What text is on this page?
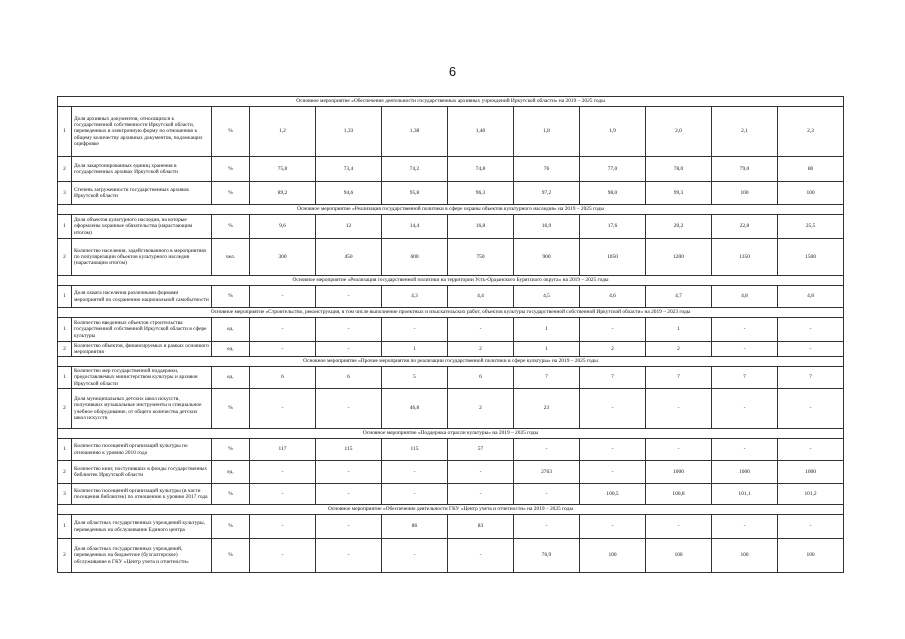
6
Основное мероприятие «Обеспечение деятельности государственных архивных учреждений Иркутской области» на 2019 – 2025 годы											
1	Доля архивных документов, относящихся к государственной собственности Иркутской области, переведенных в электронную форму по отношению к общему количеству архивных документов, подлежащих оцифровке	%	1,2	1,33	1,38	1,40	1,8	1,9	2,0	2,1	2,3
2	Доля закартонированных единиц хранения в государственных архивах Иркутской области	%	75,8	73,4	74,2	74,8	76	77,0	78,0	79,0	80
3	Степень загруженности государственных архивов Иркутской области	%	89,2	94,6	95,8	96,3	97,2	98,0	99,3	100	100
Основное мероприятие «Реализация государственной политики в сфере охраны объектов культурного наследия» на 2019 – 2025 годы											
1	Доля объектов культурного наследия, на которые оформлены охранные обязательства (нарастающим итогом)	%	9,6	12	14,4	16,8	16,9	17,6	20,2	22,8	25,5
2	Количество населения, задействованного в мероприятиях по популяризации объектов культурного наследия (нарастающим итогом)	чел.	300	450	600	750	900	1050	1200	1350	1500
Основное мероприятие «Реализация государственной политики на территории Усть-Ордынского Бурятского округа» на 2019 – 2025 годы											
1	Доля охвата населения различными формами мероприятий по сохранению национальной самобытности	%	-	-	4,3	4,4	4,5	4,6	4,7	4,8	4,8
Основное мероприятие «Строительство, реконструкция, в том числе выполнение проектных и изыскательских работ, объектов культуры государственной собственной Иркутской области» на 2019 – 2023 годы											
1	Количество введенных объектов строительства государственной собственной Иркутской области в сфере культуры	ед.	-	-	-	-	1	-	1	-	-
2	Количество объектов, финансируемых в рамках основного мероприятия	ед.	-	-	1	2	1	2	2	-	-
Основное мероприятие «Прочие мероприятия по реализации государственной политики в сфере культуры» на 2019 – 2025 годы											
1	Количество мер государственной поддержки, предоставляемых министерством культуры и архивов Иркутской области	ед.	6	6	5	6	7	7	7	7	7
2	Доля муниципальных детских школ искусств, получивших музыкальные инструменты и специальное учебное оборудование, от общего количества детских школ искусств	%	-	-	46,8	2	23	-	-	-	-
Основное мероприятие «Поддержка отрасли культуры» на 2019 – 2025 годы											
1	Количество посещений организаций культуры по отношению к уровню 2010 года	%	117	115	115	57	-	-	-	-	-
2	Количество книг, поступивших в фонды государственных библиотек Иркутской области	ед.	-	-	-	-	2763	-	1000	1000	1000
3	Количество посещений организаций культуры (в части посещения библиотек) по отношению к уровню 2017 года	%	-	-	-	-	-	100,5	100,8	101,1	101,2
Основное мероприятие «Обеспечение деятельности ГКУ «Центр учета и отчетности» на 2019 – 2025 годы											
1	Доля областных государственных учреждений культуры, переведенных на обслуживание Единого центра	%	-	-	86	83	-	-	-	-	-
2	Доля областных государственных учреждений, переведенных на бюджетное (бухгалтерское) обслуживание в ГКУ «Центр учета и отчетности»	%	-	-	-	-	76,9	100	100	100	100
